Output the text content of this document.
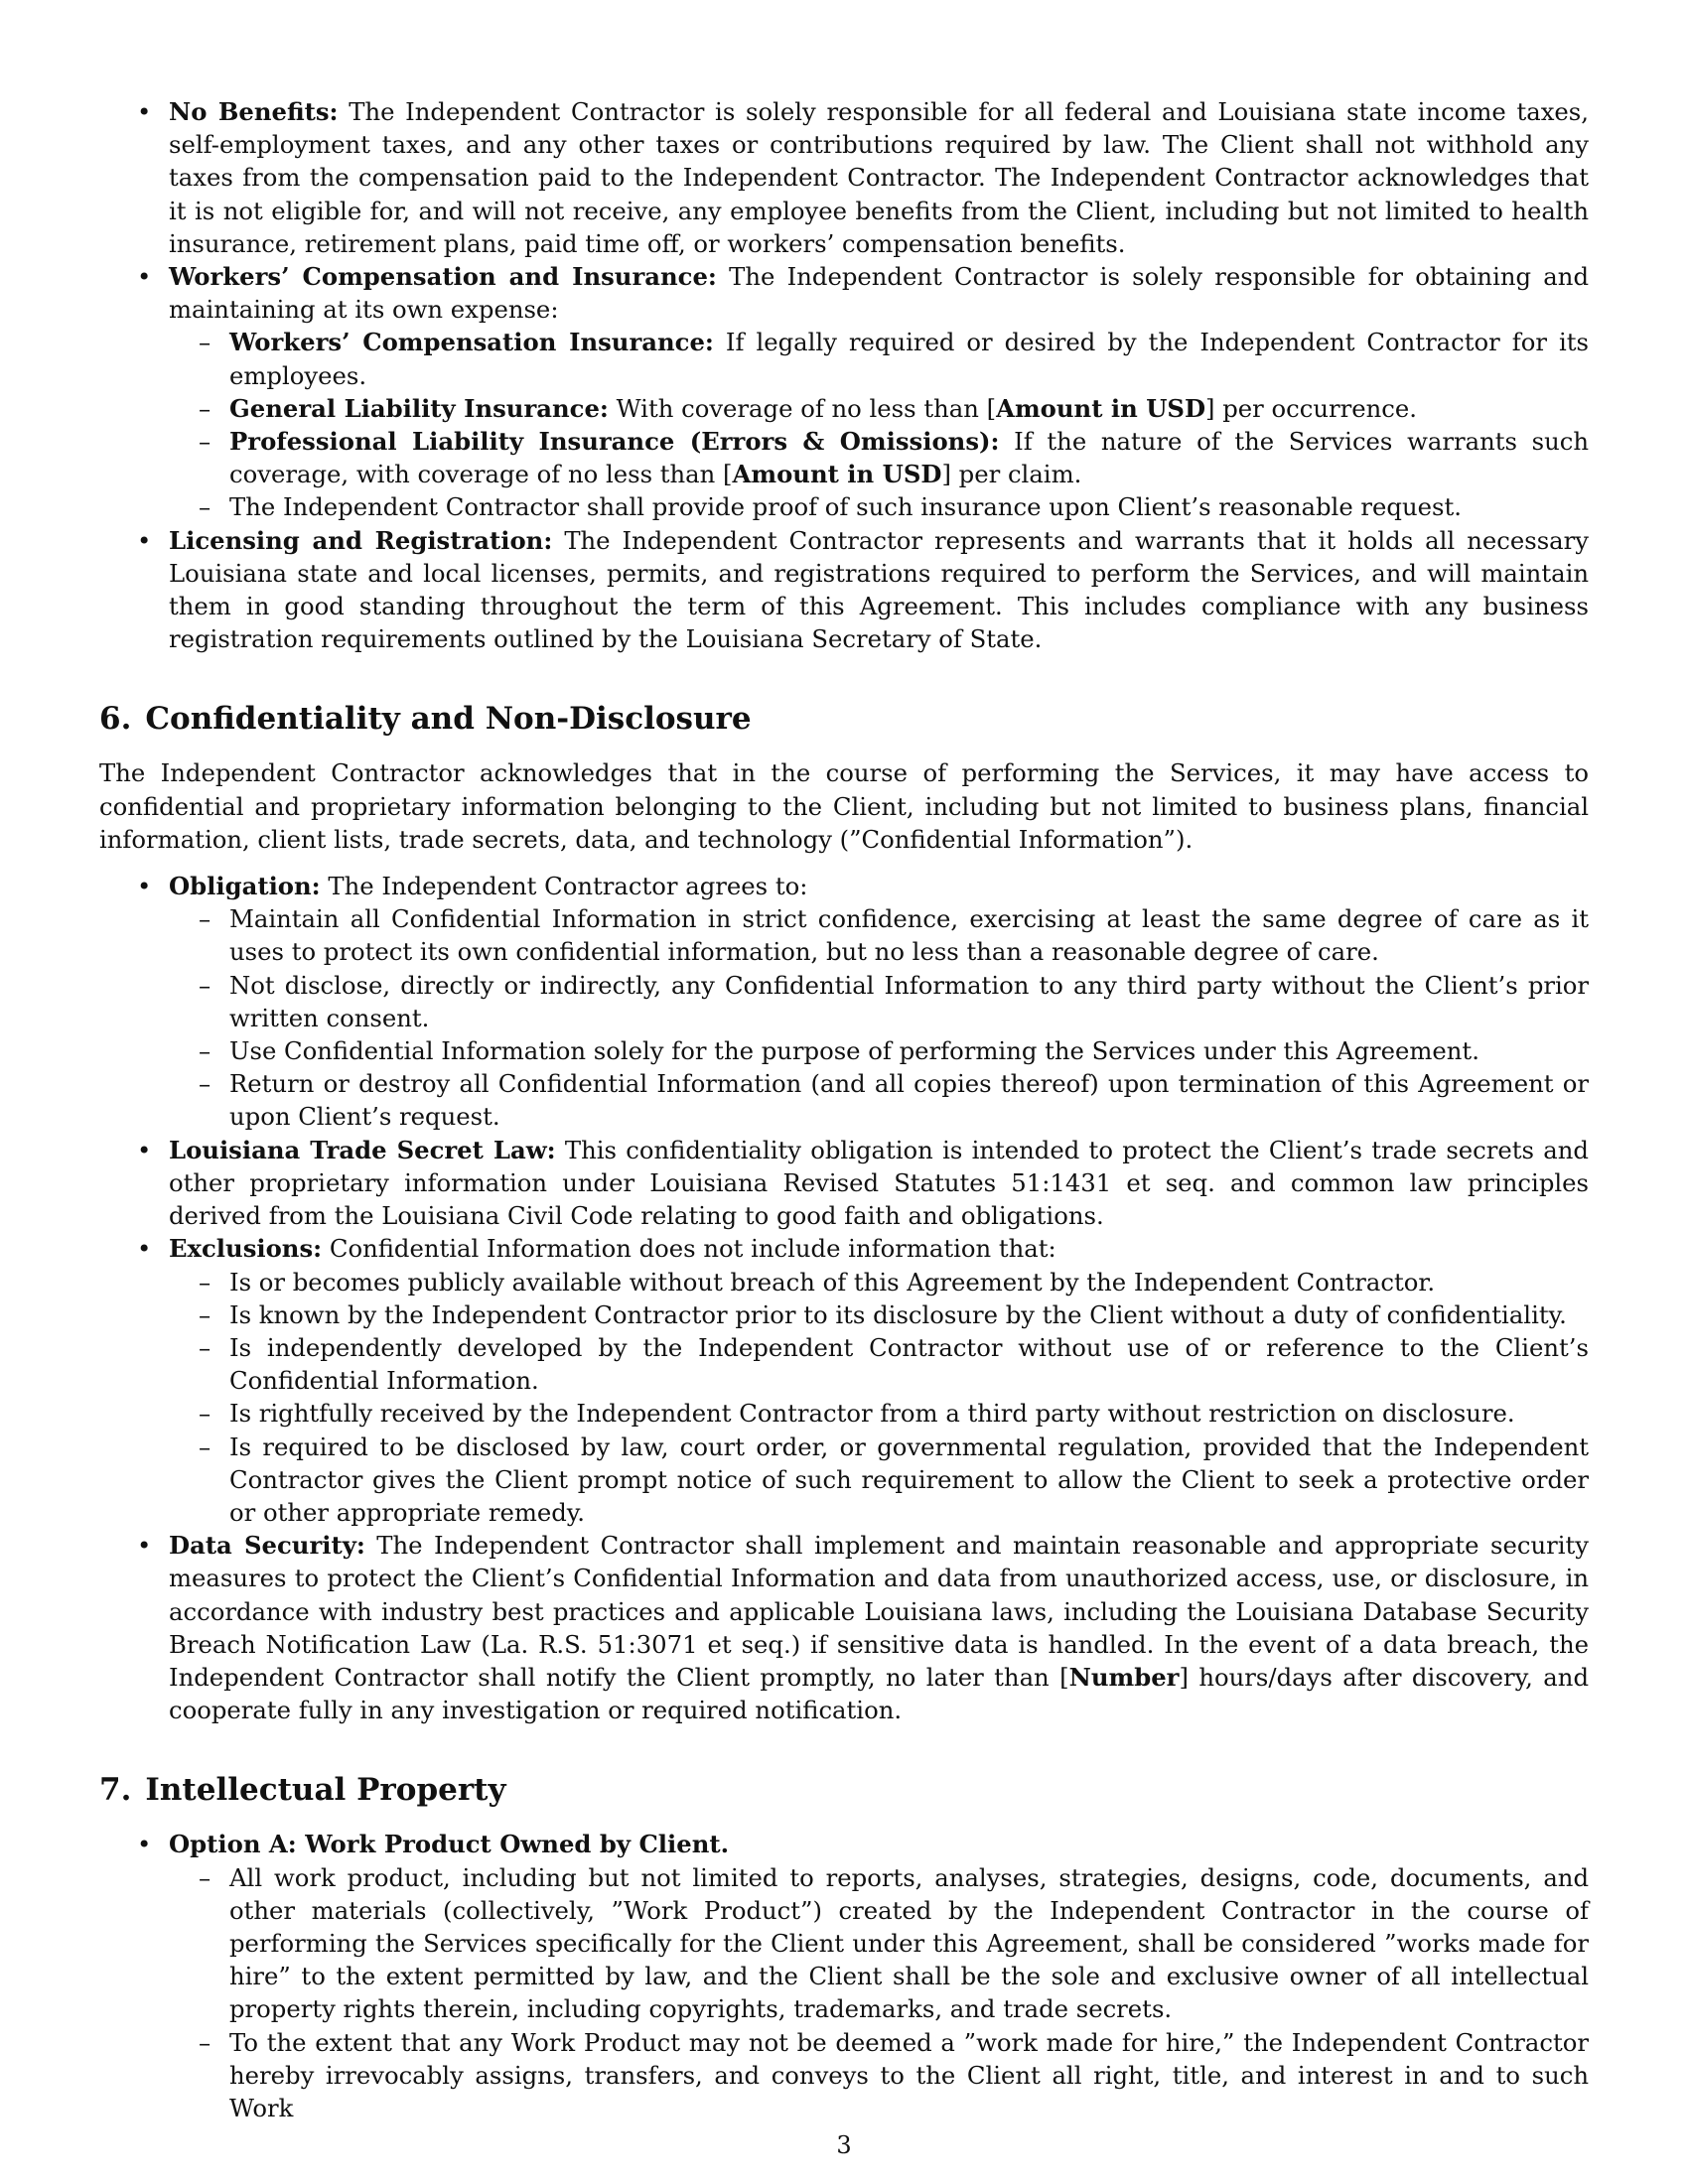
• No Benefits: The Independent Contractor is solely responsible for all federal and Louisiana state income taxes, self-employment taxes, and any other taxes or contributions required by law. The Client shall not withhold any taxes from the compensation paid to the Independent Contractor. The Independent Contractor acknowledges that it is not eligible for, and will not receive, any employee benefits from the Client, including but not limited to health insurance, retirement plans, paid time off, or workers’ compensation benefits.
• Workers’ Compensation and Insurance: The Independent Contractor is solely responsible for obtaining and maintaining at its own expense:
– Workers’ Compensation Insurance: If legally required or desired by the Independent Contractor for its employees.
– General Liability Insurance: With coverage of no less than [Amount in USD] per occurrence.
– Professional Liability Insurance (Errors & Omissions): If the nature of the Services warrants such coverage, with coverage of no less than [Amount in USD] per claim.
– The Independent Contractor shall provide proof of such insurance upon Client’s reasonable request.
• Licensing and Registration: The Independent Contractor represents and warrants that it holds all necessary Louisiana state and local licenses, permits, and registrations required to perform the Services, and will maintain them in good standing throughout the term of this Agreement. This includes compliance with any business registration requirements outlined by the Louisiana Secretary of State.
6. Confidentiality and Non-Disclosure

The Independent Contractor acknowledges that in the course of performing the Services, it may have access to confidential and proprietary information belonging to the Client, including but not limited to business plans, financial information, client lists, trade secrets, data, and technology (”Confidential Information”).

• Obligation: The Independent Contractor agrees to:
– Maintain all Confidential Information in strict confidence, exercising at least the same degree of care as it uses to protect its own confidential information, but no less than a reasonable degree of care.
– Not disclose, directly or indirectly, any Confidential Information to any third party without the Client’s prior written consent.
– Use Confidential Information solely for the purpose of performing the Services under this Agreement.
– Return or destroy all Confidential Information (and all copies thereof) upon termination of this Agreement or upon Client’s request.
• Louisiana Trade Secret Law: This confidentiality obligation is intended to protect the Client’s trade secrets and other proprietary information under Louisiana Revised Statutes 51:1431 et seq. and common law principles derived from the Louisiana Civil Code relating to good faith and obligations.
• Exclusions: Confidential Information does not include information that:
– Is or becomes publicly available without breach of this Agreement by the Independent Contractor.
– Is known by the Independent Contractor prior to its disclosure by the Client without a duty of confidentiality.
– Is independently developed by the Independent Contractor without use of or reference to the Client’s Confidential Information.
– Is rightfully received by the Independent Contractor from a third party without restriction on disclosure.
– Is required to be disclosed by law, court order, or governmental regulation, provided that the Independent Contractor gives the Client prompt notice of such requirement to allow the Client to seek a protective order or other appropriate remedy.
• Data Security: The Independent Contractor shall implement and maintain reasonable and appropriate security measures to protect the Client’s Confidential Information and data from unauthorized access, use, or disclosure, in accordance with industry best practices and applicable Louisiana laws, including the Louisiana Database Security Breach Notification Law (La. R.S. 51:3071 et seq.) if sensitive data is handled. In the event of a data breach, the Independent Contractor shall notify the Client promptly, no later than [Number] hours/days after discovery, and cooperate fully in any investigation or required notification.
7. Intellectual Property
• Option A: Work Product Owned by Client.
– All work product, including but not limited to reports, analyses, strategies, designs, code, documents, and other materials (collectively, ”Work Product”) created by the Independent Contractor in the course of performing the Services specifically for the Client under this Agreement, shall be considered ”works made for hire” to the extent permitted by law, and the Client shall be the sole and exclusive owner of all intellectual property rights therein, including copyrights, trademarks, and trade secrets.
– To the extent that any Work Product may not be deemed a ”work made for hire,” the Independent Contractor hereby irrevocably assigns, transfers, and conveys to the Client all right, title, and interest in and to such Work
3
